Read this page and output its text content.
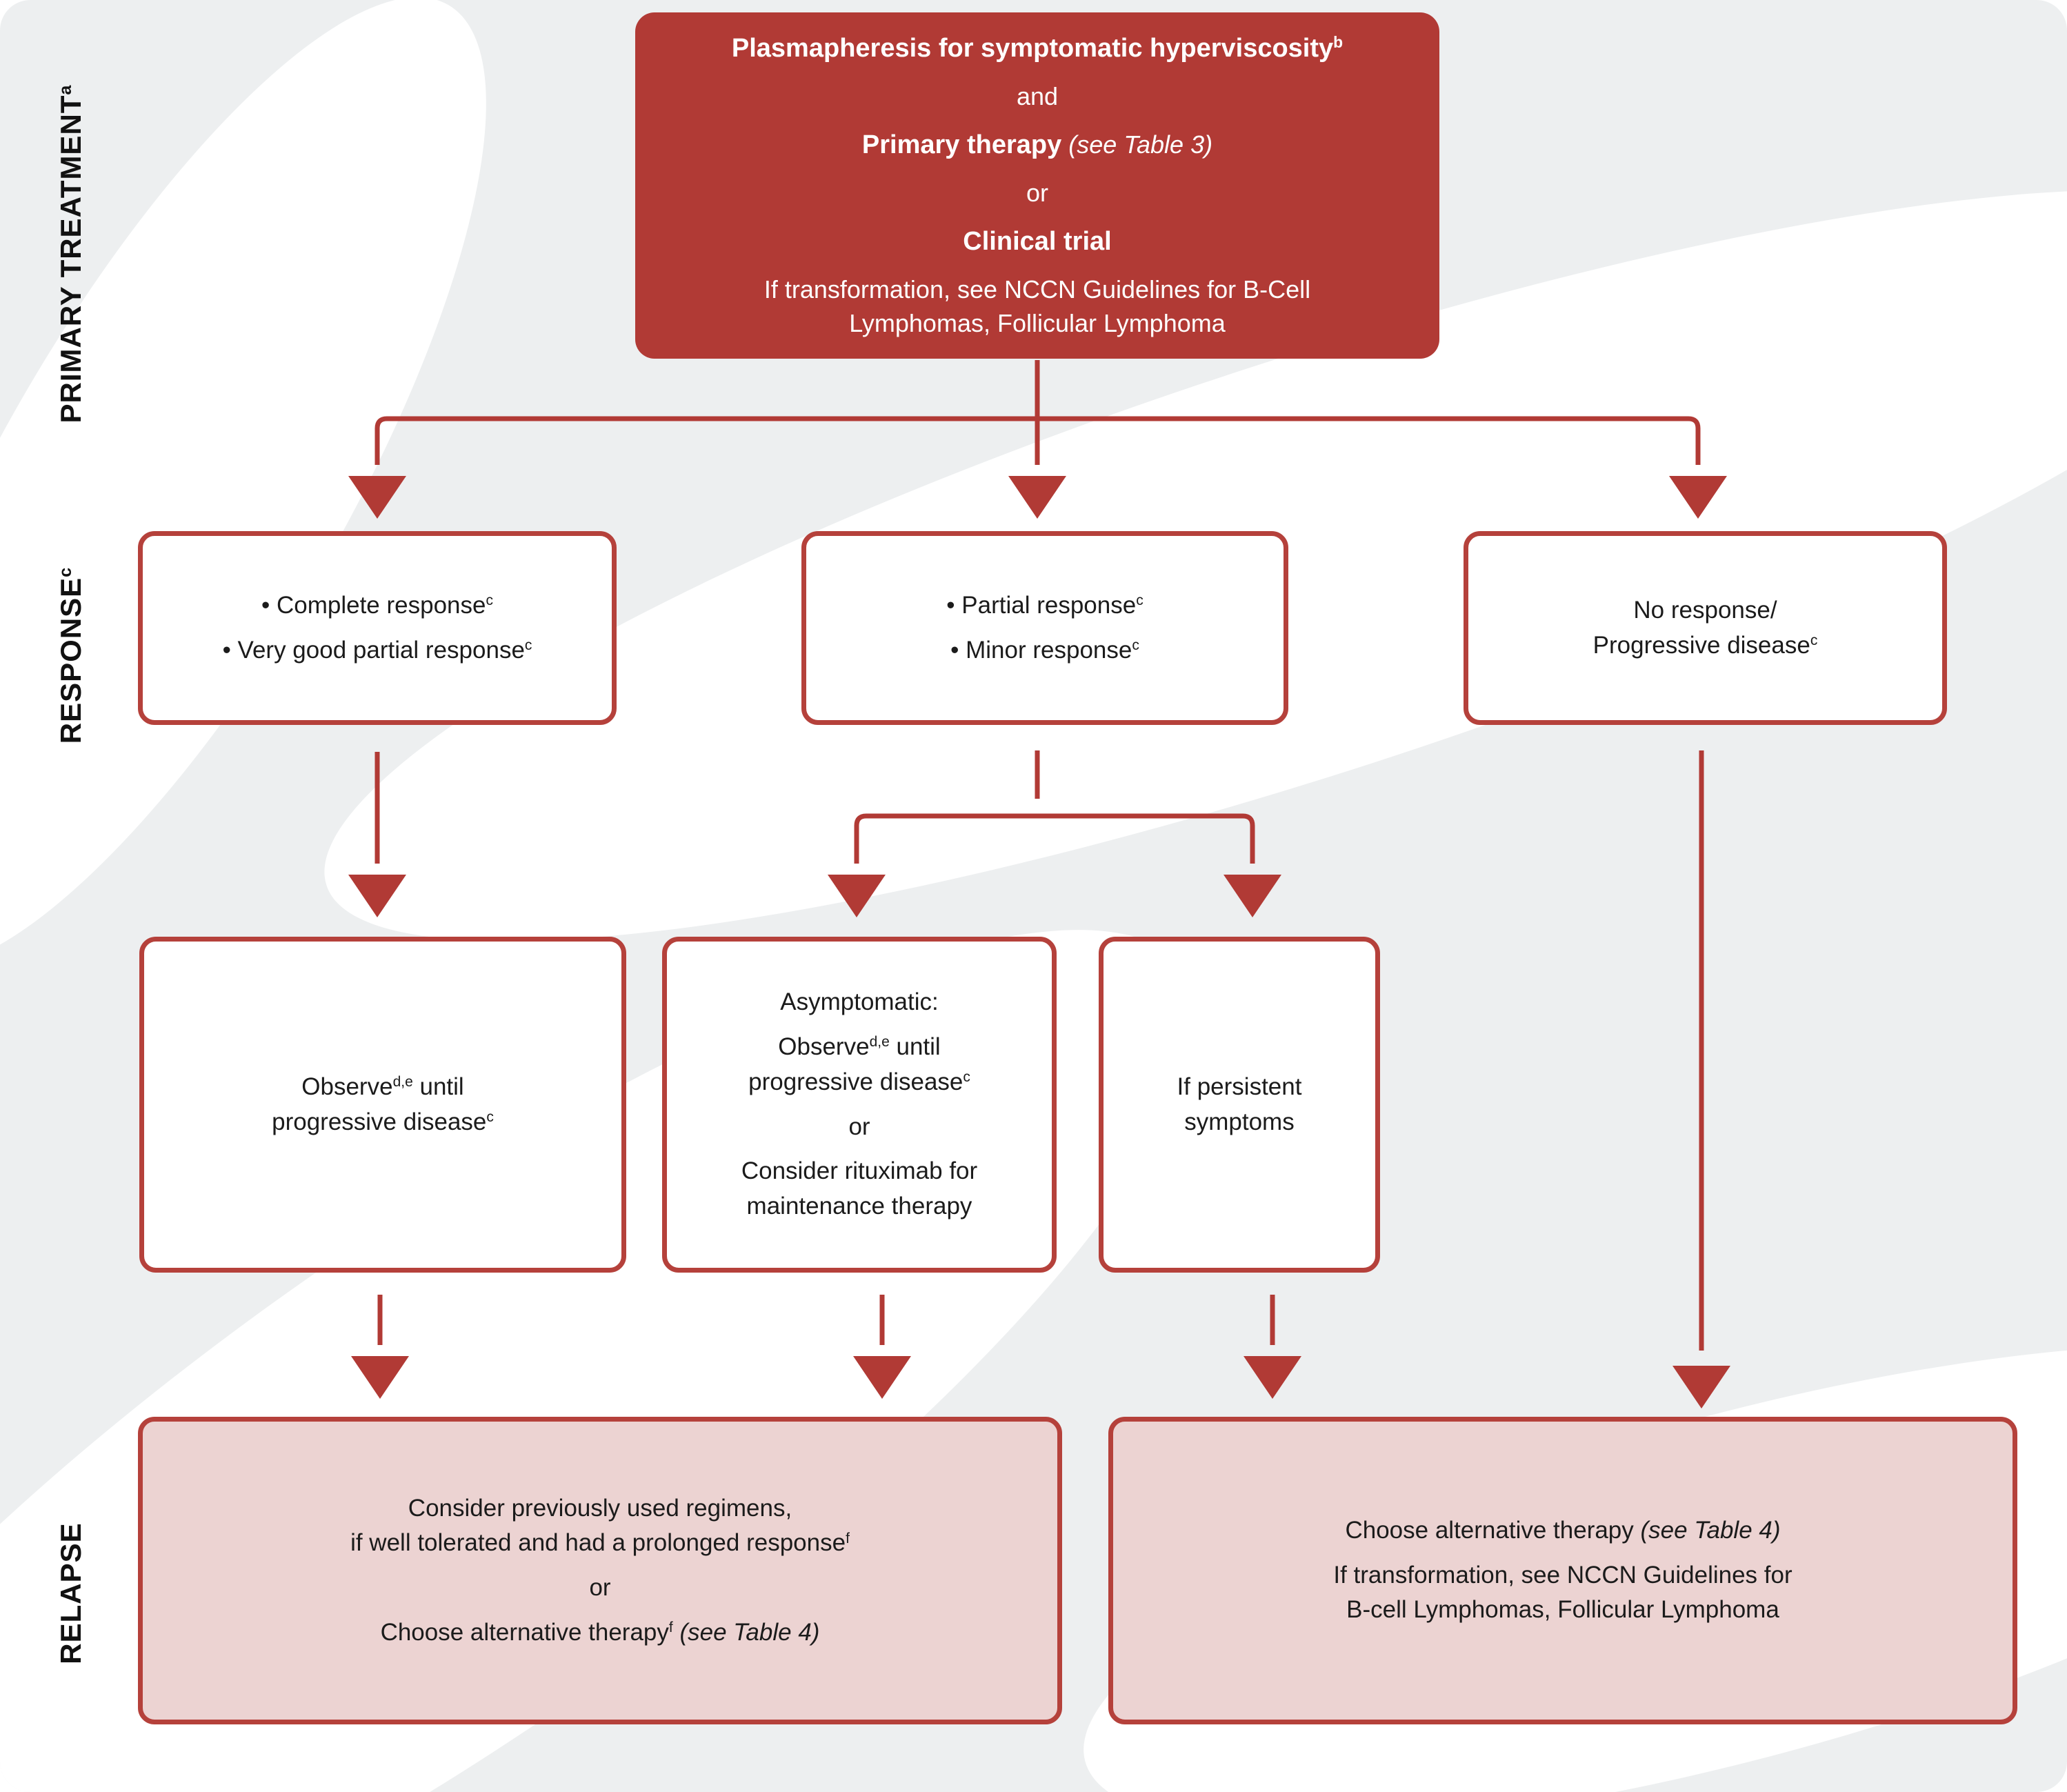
PRIMARY TREATMENT$^a$
RESPONSE$^c$
RELAPSE
Plasmapheresis for symptomatic hyperviscosity$^b$
and
Primary therapy (see Table 3)
or
Clinical trial
If transformation, see NCCN Guidelines for B-Cell
Lymphomas, Follicular Lymphoma
• Complete response$^c$
• Very good partial response$^c$
• Partial response$^c$
• Minor response$^c$
No response/
Progressive disease$^c$
Observe$^{d,e}$ until
progressive disease$^c$
Asymptomatic:
Observe$^{d,e}$ until
progressive disease$^c$
or
Consider rituximab for
maintenance therapy
If persistent
symptoms
Consider previously used regimens,
if well tolerated and had a prolonged response$^f$
or
Choose alternative therapy$^f$ (see Table 4)
Choose alternative therapy (see Table 4)
If transformation, see NCCN Guidelines for
B-cell Lymphomas, Follicular Lymphoma
